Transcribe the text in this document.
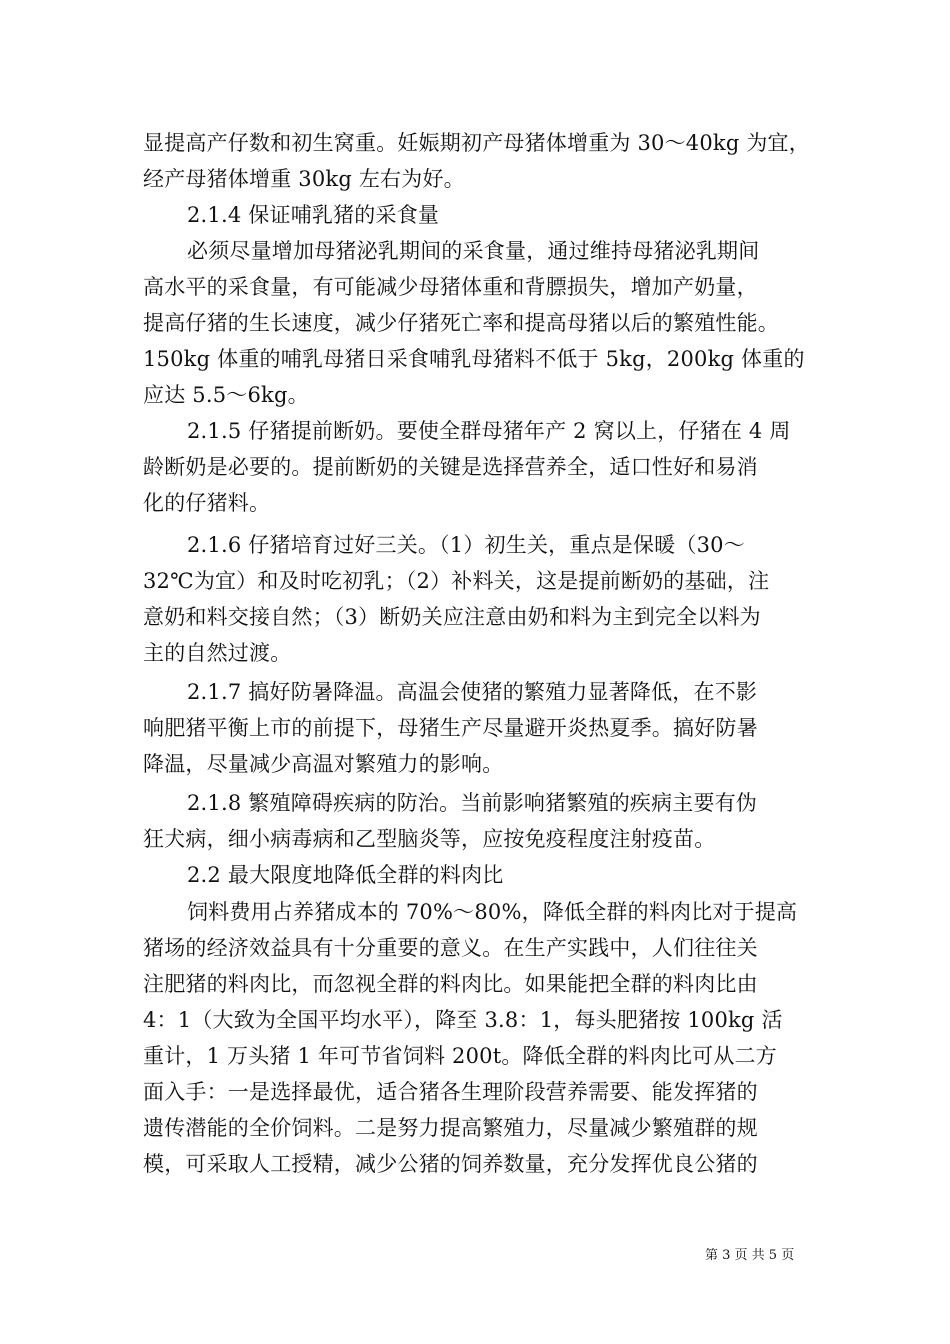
显提高产仔数和初生窝重。妊娠期初产母猪体增重为 30～40kg 为宜，
经产母猪体增重 30kg 左右为好。
2.1.4 保证哺乳猪的采食量
必须尽量增加母猪泌乳期间的采食量，通过维持母猪泌乳期间
高水平的采食量，有可能减少母猪体重和背膘损失，增加产奶量，
提高仔猪的生长速度，减少仔猪死亡率和提高母猪以后的繁殖性能。
150kg 体重的哺乳母猪日采食哺乳母猪料不低于 5kg，200kg 体重的
应达 5.5～6kg。
2.1.5 仔猪提前断奶。要使全群母猪年产 2 窝以上，仔猪在 4 周
龄断奶是必要的。提前断奶的关键是选择营养全，适口性好和易消
化的仔猪料。
2.1.6 仔猪培育过好三关。（1）初生关，重点是保暖（30～
32℃为宜）和及时吃初乳；（2）补料关，这是提前断奶的基础，注
意奶和料交接自然；（3）断奶关应注意由奶和料为主到完全以料为
主的自然过渡。
2.1.7 搞好防暑降温。高温会使猪的繁殖力显著降低，在不影
响肥猪平衡上市的前提下，母猪生产尽量避开炎热夏季。搞好防暑
降温，尽量减少高温对繁殖力的影响。
2.1.8 繁殖障碍疾病的防治。当前影响猪繁殖的疾病主要有伪
狂犬病，细小病毒病和乙型脑炎等，应按免疫程度注射疫苗。
2.2 最大限度地降低全群的料肉比
饲料费用占养猪成本的 70%～80%，降低全群的料肉比对于提高
猪场的经济效益具有十分重要的意义。在生产实践中，人们往往关
注肥猪的料肉比，而忽视全群的料肉比。如果能把全群的料肉比由
4：1（大致为全国平均水平），降至 3.8：1，每头肥猪按 100kg 活
重计，1 万头猪 1 年可节省饲料 200t。降低全群的料肉比可从二方
面入手：一是选择最优，适合猪各生理阶段营养需要、能发挥猪的
遗传潜能的全价饲料。二是努力提高繁殖力，尽量减少繁殖群的规
模，可采取人工授精，减少公猪的饲养数量，充分发挥优良公猪的
第 3 页 共 5 页
